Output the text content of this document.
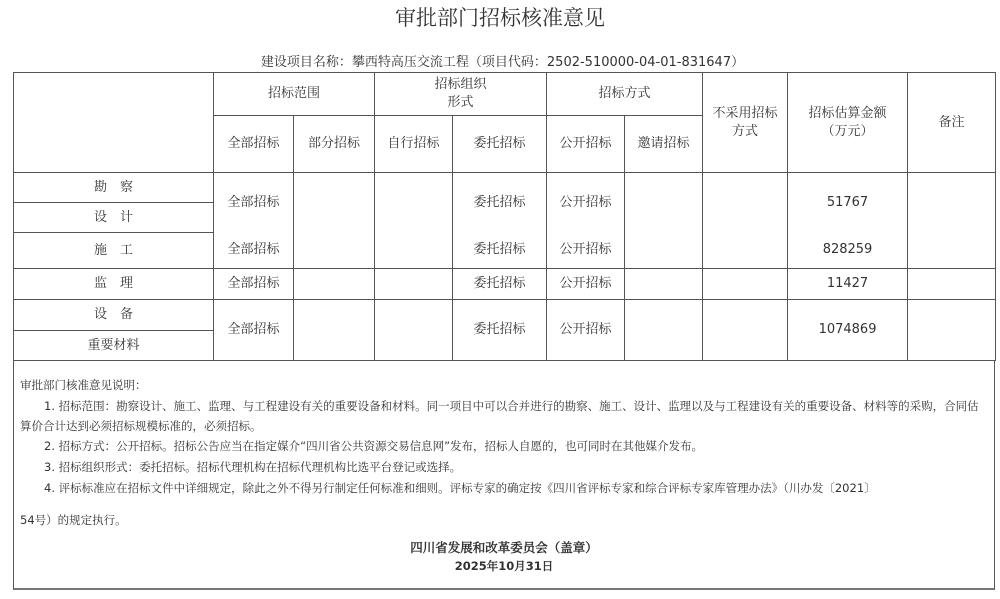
审批部门招标核准意见
建设项目名称：攀西特高压交流工程（项目代码：2502-510000-04-01-831647）
	招标范围		招标组织形式		招标方式		不采用招标方式	招标估算金额（万元）	备注
	全部招标	部分招标	自行招标	委托招标	公开招标	邀请招标			
勘　察	全部招标			委托招标	公开招标			51767	
设　计									
施　工	全部招标			委托招标	公开招标			828259	
监　理	全部招标			委托招标	公开招标			11427	
设　备	全部招标			委托招标	公开招标			1074869	
重要材料									
审批部门核准意见说明：

1. 招标范围：勘察设计、施工、监理、与工程建设有关的重要设备和材料。同一项目中可以合并进行的勘察、施工、设计、监理以及与工程建设有关的重要设备、材料等的采购，合同估算价合计达到必须招标规模标准的，必须招标。

2. 招标方式：公开招标。招标公告应当在指定媒介“四川省公共资源交易信息网”发布，招标人自愿的，也可同时在其他媒介发布。

3. 招标组织形式：委托招标。招标代理机构在招标代理机构比选平台登记或选择。

4. 评标标准应在招标文件中详细规定，除此之外不得另行制定任何标准和细则。评标专家的确定按《四川省评标专家和综合评标专家库管理办法》（川办发〔2021〕

54号）的规定执行。

四川省发展和改革委员会（盖章）
2025年10月31日
